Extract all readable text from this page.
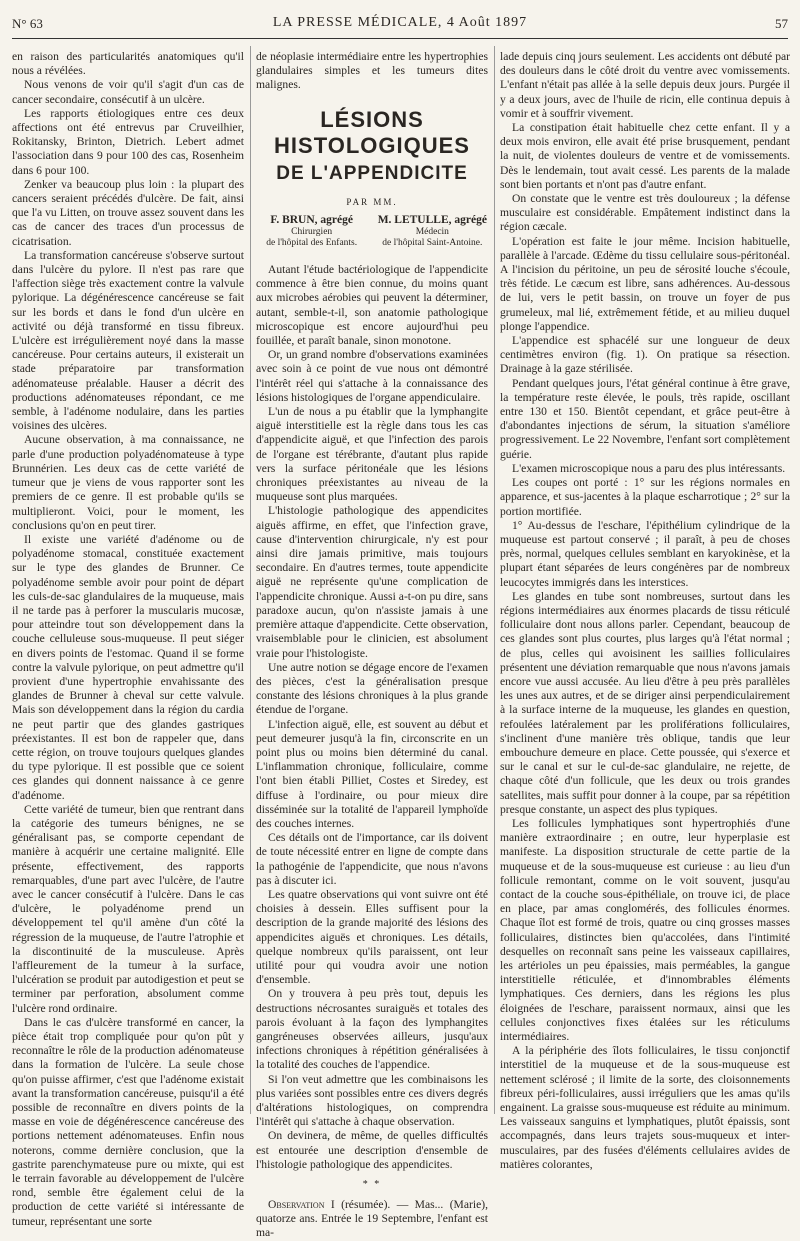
N° 63	LA PRESSE MÉDICALE, 4 Août 1897	57

en raison des particularités anatomiques qu'il nous a révélées.

Nous venons de voir qu'il s'agit d'un cas de cancer secondaire, consécutif à un ulcère.

Les rapports étiologiques entre ces deux affections ont été entrevus par Cruveilhier, Rokitansky, Brinton, Dietrich. Lebert admet l'association dans 9 pour 100 des cas, Rosenheim dans 6 pour 100.

Zenker va beaucoup plus loin : la plupart des cancers seraient précédés d'ulcère. De fait, ainsi que l'a vu Litten, on trouve assez souvent dans les cas de cancer des traces d'un processus de cicatrisation.

La transformation cancéreuse s'observe surtout dans l'ulcère du pylore. Il n'est pas rare que l'affection siège très exactement contre la valvule pylorique. La dégénérescence cancéreuse se fait sur les bords et dans le fond d'un ulcère en activité ou déjà transformé en tissu fibreux. L'ulcère est irrégulièrement noyé dans la masse cancéreuse. Pour certains auteurs, il existerait un stade préparatoire par transformation adénomateuse préalable. Hauser a décrit des productions adénomateuses répondant, ce me semble, à l'adénome nodulaire, dans les parties voisines des ulcères.

Aucune observation, à ma connaissance, ne parle d'une production polyadénomateuse à type Brunnérien. Les deux cas de cette variété de tumeur que je viens de vous rapporter sont les premiers de ce genre. Il est probable qu'ils se multiplieront. Voici, pour le moment, les conclusions qu'on en peut tirer.

Il existe une variété d'adénome ou de polyadénome stomacal, constituée exactement sur le type des glandes de Brunner. Ce polyadénome semble avoir pour point de départ les culs-de-sac glandulaires de la muqueuse, mais il ne tarde pas à perforer la muscularis mucosæ, pour atteindre tout son développement dans la couche celluleuse sous-muqueuse. Il peut siéger en divers points de l'estomac. Quand il se forme contre la valvule pylorique, on peut admettre qu'il provient d'une hypertrophie envahissante des glandes de Brunner à cheval sur cette valvule. Mais son développement dans la région du cardia ne peut partir que des glandes gastriques préexistantes. Il est bon de rappeler que, dans cette région, on trouve toujours quelques glandes du type pylorique. Il est possible que ce soient ces glandes qui donnent naissance à ce genre d'adénome.

Cette variété de tumeur, bien que rentrant dans la catégorie des tumeurs bénignes, ne se généralisant pas, se comporte cependant de manière à acquérir une certaine malignité. Elle présente, effectivement, des rapports remarquables, d'une part avec l'ulcère, de l'autre avec le cancer consécutif à l'ulcère. Dans le cas d'ulcère, le polyadénome prend un développement tel qu'il amène d'un côté la régression de la muqueuse, de l'autre l'atrophie et la discontinuité de la musculeuse. Après l'affleurement de la tumeur à la surface, l'ulcération se produit par autodigestion et peut se terminer par perforation, absolument comme l'ulcère rond ordinaire.

Dans le cas d'ulcère transformé en cancer, la pièce était trop compliquée pour qu'on pût y reconnaître le rôle de la production adénomateuse dans la formation de l'ulcère. La seule chose qu'on puisse affirmer, c'est que l'adénome existait avant la transformation cancéreuse, puisqu'il a été possible de reconnaître en divers points de la masse en voie de dégénérescence cancéreuse des portions nettement adénomateuses. Enfin nous noterons, comme dernière conclusion, que la gastrite parenchymateuse pure ou mixte, qui est le terrain favorable au développement de l'ulcère rond, semble être également celui de la production de cette variété si intéressante de tumeur, représentant une sorte

de néoplasie intermédiaire entre les hypertrophies glandulaires simples et les tumeurs dites malignes.

LÉSIONS HISTOLOGIQUES
DE L'APPENDICITE
PAR MM.
F. BRUN, agrégé
Chirurgien
de l'hôpital des Enfants.
M. LETULLE, agrégé
Médecin
de l'hôpital Saint-Antoine.

Autant l'étude bactériologique de l'appendicite commence à être bien connue, du moins quant aux microbes aérobies qui peuvent la déterminer, autant, semble-t-il, son anatomie pathologique microscopique est encore aujourd'hui peu fouillée, et paraît banale, sinon monotone.

Or, un grand nombre d'observations examinées avec soin à ce point de vue nous ont démontré l'intérêt réel qui s'attache à la connaissance des lésions histologiques de l'organe appendiculaire.

L'un de nous a pu établir que la lymphangite aiguë interstitielle est la règle dans tous les cas d'appendicite aiguë, et que l'infection des parois de l'organe est térébrante, d'autant plus rapide vers la surface péritonéale que les lésions chroniques préexistantes au niveau de la muqueuse sont plus marquées.

L'histologie pathologique des appendicites aiguës affirme, en effet, que l'infection grave, cause d'intervention chirurgicale, n'y est pour ainsi dire jamais primitive, mais toujours secondaire. En d'autres termes, toute appendicite aiguë ne représente qu'une complication de l'appendicite chronique. Aussi a-t-on pu dire, sans paradoxe aucun, qu'on n'assiste jamais à une première attaque d'appendicite. Cette observation, vraisemblable pour le clinicien, est absolument vraie pour l'histologiste.

Une autre notion se dégage encore de l'examen des pièces, c'est la généralisation presque constante des lésions chroniques à la plus grande étendue de l'organe.

L'infection aiguë, elle, est souvent au début et peut demeurer jusqu'à la fin, circonscrite en un point plus ou moins bien déterminé du canal. L'inflammation chronique, folliculaire, comme l'ont bien établi Pilliet, Costes et Siredey, est diffuse à l'ordinaire, ou pour mieux dire disséminée sur la totalité de l'appareil lymphoïde des couches internes.

Ces détails ont de l'importance, car ils doivent de toute nécessité entrer en ligne de compte dans la pathogénie de l'appendicite, que nous n'avons pas à discuter ici.

Les quatre observations qui vont suivre ont été choisies à dessein. Elles suffisent pour la description de la grande majorité des lésions des appendicites aiguës et chroniques. Les détails, quelque nombreux qu'ils paraissent, ont leur utilité pour qui voudra avoir une notion d'ensemble.

On y trouvera à peu près tout, depuis les destructions nécrosantes suraiguës et totales des parois évoluant à la façon des lymphangites gangréneuses observées ailleurs, jusqu'aux infections chroniques à répétition généralisées à la totalité des couches de l'appendice.

Si l'on veut admettre que les combinaisons les plus variées sont possibles entre ces divers degrés d'altérations histologiques, on comprendra l'intérêt qui s'attache à chaque observation.

On devinera, de même, de quelles difficultés est entourée une description d'ensemble de l'histologie pathologique des appendicites.

* *

Observation I (résumée). — Mas... (Marie), quatorze ans. Entrée le 19 Septembre, l'enfant est ma-

lade depuis cinq jours seulement. Les accidents ont débuté par des douleurs dans le côté droit du ventre avec vomissements. L'enfant n'était pas allée à la selle depuis deux jours. Purgée il y a deux jours, avec de l'huile de ricin, elle continua depuis à vomir et à souffrir vivement.

La constipation était habituelle chez cette enfant. Il y a deux mois environ, elle avait été prise brusquement, pendant la nuit, de violentes douleurs de ventre et de vomissements. Dès le lendemain, tout avait cessé. Les parents de la malade sont bien portants et n'ont pas d'autre enfant.

On constate que le ventre est très douloureux ; la défense musculaire est considérable. Empâtement indistinct dans la région cæcale.

L'opération est faite le jour même. Incision habituelle, parallèle à l'arcade. Œdème du tissu cellulaire sous-péritonéal. A l'incision du péritoine, un peu de sérosité louche s'écoule, très fétide. Le cæcum est libre, sans adhérences. Au-dessous de lui, vers le petit bassin, on trouve un foyer de pus grumeleux, mal lié, extrêmement fétide, et au milieu duquel plonge l'appendice.

L'appendice est sphacélé sur une longueur de deux centimètres environ (fig. 1). On pratique sa résection. Drainage à la gaze stérilisée.

Pendant quelques jours, l'état général continue à être grave, la température reste élevée, le pouls, très rapide, oscillant entre 130 et 150. Bientôt cependant, et grâce peut-être à d'abondantes injections de sérum, la situation s'améliore progressivement. Le 22 Novembre, l'enfant sort complètement guérie.

L'examen microscopique nous a paru des plus intéressants.

Les coupes ont porté : 1° sur les régions normales en apparence, et sus-jacentes à la plaque escharrotique ; 2° sur la portion mortifiée.

1° Au-dessus de l'eschare, l'épithélium cylindrique de la muqueuse est partout conservé ; il paraît, à peu de choses près, normal, quelques cellules semblant en karyokinèse, et la plupart étant séparées de leurs congénères par de nombreux leucocytes immigrés dans les interstices.

Les glandes en tube sont nombreuses, surtout dans les régions intermédiaires aux énormes placards de tissu réticulé folliculaire dont nous allons parler. Cependant, beaucoup de ces glandes sont plus courtes, plus larges qu'à l'état normal ; de plus, celles qui avoisinent les saillies folliculaires présentent une déviation remarquable que nous n'avons jamais encore vue aussi accusée. Au lieu d'être à peu près parallèles les unes aux autres, et de se diriger ainsi perpendiculairement à la surface interne de la muqueuse, les glandes en question, refoulées latéralement par les proliférations folliculaires, s'inclinent d'une manière très oblique, tandis que leur embouchure demeure en place. Cette poussée, qui s'exerce et sur le canal et sur le cul-de-sac glandulaire, ne rejette, de chaque côté d'un follicule, que les deux ou trois grandes satellites, mais suffit pour donner à la coupe, par sa répétition presque constante, un aspect des plus typiques.

Les follicules lymphatiques sont hypertrophiés d'une manière extraordinaire ; en outre, leur hyperplasie est manifeste. La disposition structurale de cette partie de la muqueuse et de la sous-muqueuse est curieuse : au lieu d'un follicule remontant, comme on le voit souvent, jusqu'au contact de la couche sous-épithéliale, on trouve ici, de place en place, par amas conglomérés, des follicules énormes. Chaque îlot est formé de trois, quatre ou cinq grosses masses folliculaires, distinctes bien qu'accolées, dans l'intimité desquelles on reconnaît sans peine les vaisseaux capillaires, les artérioles un peu épaissies, mais perméables, la gangue interstitielle réticulée, et d'innombrables éléments lymphatiques. Ces derniers, dans les régions les plus éloignées de l'eschare, paraissent normaux, ainsi que les cellules conjonctives fixes étalées sur les réticulums intermédiaires.

A la périphérie des îlots folliculaires, le tissu conjonctif interstitiel de la muqueuse et de la sous-muqueuse est nettement sclérosé ; il limite de la sorte, des cloisonnements fibreux péri-folliculaires, aussi irréguliers que les amas qu'ils engainent. La graisse sous-muqueuse est réduite au minimum. Les vaisseaux sanguins et lymphatiques, plutôt épaissis, sont accompagnés, dans leurs trajets sous-muqueux et inter-musculaires, par des fusées d'éléments cellulaires avides de matières colorantes,
